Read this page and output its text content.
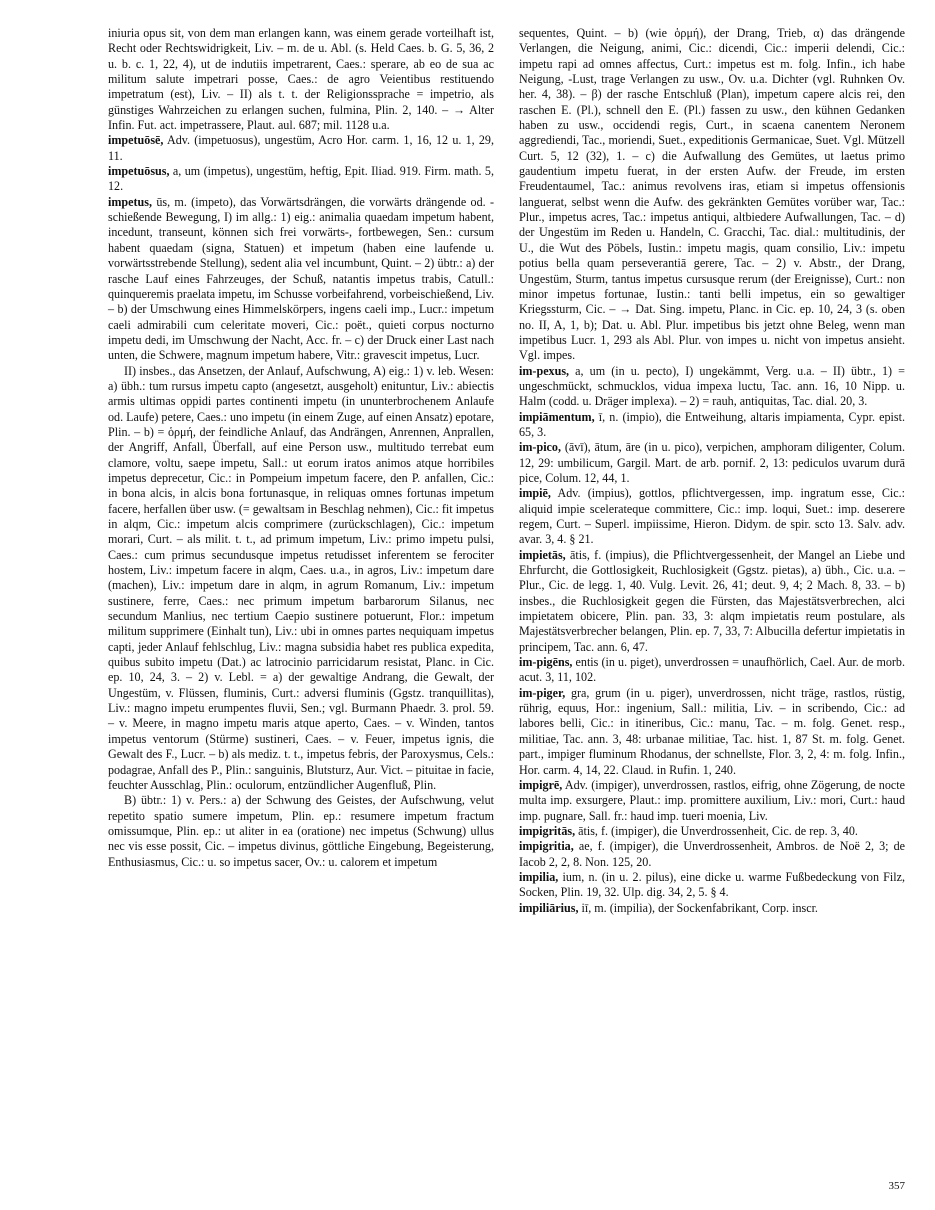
iniuria opus sit, von dem man erlangen kann, was einem gerade vorteilhaft ist, Recht oder Rechtswidrigkeit, Liv. – m. de u. Abl. (s. Held Caes. b. G. 5, 36, 2 u. b. c. 1, 22, 4), ut de indutiis impetrarent, Caes.: sperare, ab eo de sua ac militum salute impetrari posse, Caes.: de agro Veientibus restituendo impetratum (est), Liv. – II) als t. t. der Religionssprache = impetrio, als günstiges Wahrzeichen zu erlangen suchen, fulmina, Plin. 2, 140. – → Alter Infin. Fut. act. impetrassere, Plaut. aul. 687; mil. 1128 u.a.

impetuōsē, Adv. (impetuosus), ungestüm, Acro Hor. carm. 1, 16, 12 u. 1, 29, 11.

impetuōsus, a, um (impetus), ungestüm, heftig, Epit. Iliad. 919. Firm. math. 5, 12.

impetus, ūs, m. (impeto), das Vorwärtsdrängen, die vorwärts drängende od. -schießende Bewegung, I) im allg.: 1) eig.: animalia quaedam impetum habent, incedunt, transeunt, können sich frei vorwärts-, fortbewegen, Sen.: cursum habent quaedam (signa, Statuen) et impetum (haben eine laufende u. vorwärtsstrebende Stellung), sedent alia vel incumbunt, Quint. – 2) übtr.: a) der rasche Lauf eines Fahrzeuges, der Schuß, natantis impetus trabis, Catull.: quinqueremis praelata impetu, im Schusse vorbeifahrend, vorbeischießend, Liv. – b) der Umschwung eines Himmelskörpers, ingens caeli imp., Lucr.: impetum caeli admirabili cum celeritate moveri, Cic.: poët., quieti corpus nocturno impetu dedi, im Umschwung der Nacht, Acc. fr. – c) der Druck einer Last nach unten, die Schwere, magnum impetum habere, Vitr.: gravescit impetus, Lucr.

II) insbes., das Ansetzen, der Anlauf, Aufschwung, A) eig.: 1) v. leb. Wesen: a) übh.: tum rursus impetu capto (angesetzt, ausgeholt) enituntur, Liv.: abiectis armis ultimas oppidi partes continenti impetu (in ununterbrochenem Anlaufe od. Laufe) petere, Caes.: uno impetu (in einem Zuge, auf einen Ansatz) epotare, Plin. – b) = ὁρμή, der feindliche Anlauf, das Andrängen, Anrennen, Anprallen, der Angriff, Anfall, Überfall, auf eine Person usw., multitudo terrebat eum clamore, voltu, saepe impetu, Sall.: ut eorum iratos animos atque horribiles impetus deprecetur, Cic.: in Pompeium impetum facere, den P. anfallen, Cic.: in bona alcis, in alcis bona fortunasque, in reliquas omnes fortunas impetum facere, herfallen über usw. (= gewaltsam in Beschlag nehmen), Cic.: fit impetus in alqm, Cic.: impetum alcis comprimere (zurückschlagen), Cic.: impetum morari, Curt. – als milit. t. t., ad primum impetum, Liv.: primo impetu pulsi, Caes.: cum primus secundusque impetus retudisset inferentem se ferociter hostem, Liv.: impetum facere in alqm, Caes. u.a., in agros, Liv.: impetum dare (machen), Liv.: impetum dare in alqm, in agrum Romanum, Liv.: impetum sustinere, ferre, Caes.: nec primum impetum barbarorum Silanus, nec secundum Manlius, nec tertium Caepio sustinere potuerunt, Flor.: impetum militum supprimere (Einhalt tun), Liv.: ubi in omnes partes nequiquam impetus capti, jeder Anlauf fehlschlug, Liv.: magna subsidia habet res publica expedita, quibus subito impetu (Dat.) ac latrocinio parricidarum resistat, Planc. in Cic. ep. 10, 24, 3. – 2) v. Lebl. = a) der gewaltige Andrang, die Gewalt, der Ungestüm, v. Flüssen, fluminis, Curt.: adversi fluminis (Ggstz. tranquillitas), Liv.: magno impetu erumpentes fluvii, Sen.; vgl. Burmann Phaedr. 3. prol. 59. – v. Meere, in magno impetu maris atque aperto, Caes. – v. Winden, tantos impetus ventorum (Stürme) sustineri, Caes. – v. Feuer, impetus ignis, die Gewalt des F., Lucr. – b) als mediz. t. t., impetus febris, der Paroxysmus, Cels.: podagrae, Anfall des P., Plin.: sanguinis, Blutsturz, Aur. Vict. – pituitae in facie, feuchter Ausschlag, Plin.: oculorum, entzündlicher Augenfluß, Plin.

B) übtr.: 1) v. Pers.: a) der Schwung des Geistes, der Aufschwung, velut repetito spatio sumere impetum, Plin. ep.: resumere impetum fractum omissumque, Plin. ep.: ut aliter in ea (oratione) nec impetus (Schwung) ullus nec vis esse possit, Cic. – impetus divinus, göttliche Eingebung, Begeisterung, Enthusiasmus, Cic.: u. so impetus sacer, Ov.: u. calorem et impetum

sequentes, Quint. – b) (wie ὁρμή), der Drang, Trieb, α) das drängende Verlangen, die Neigung, animi, Cic.: dicendi, Cic.: imperii delendi, Cic.: impetu rapi ad omnes affectus, Curt.: impetus est m. folg. Infin., ich habe Neigung, -Lust, trage Verlangen zu usw., Ov. u.a. Dichter (vgl. Ruhnken Ov. her. 4, 38). – β) der rasche Entschluß (Plan), impetum capere alcis rei, den raschen E. (Pl.), schnell den E. (Pl.) fassen zu usw., den kühnen Gedanken haben zu usw., occidendi regis, Curt., in scaena canentem Neronem aggrediendi, Tac., moriendi, Suet., expeditionis Germanicae, Suet. Vgl. Mützell Curt. 5, 12 (32), 1. – c) die Aufwallung des Gemütes, ut laetus primo gaudentium impetu fuerat, in der ersten Aufw. der Freude, im ersten Freudentaumel, Tac.: animus revolvens iras, etiam si impetus offensionis languerat, selbst wenn die Aufw. des gekränkten Gemütes vorüber war, Tac.: Plur., impetus acres, Tac.: impetus antiqui, altbiedere Aufwallungen, Tac. – d) der Ungestüm im Reden u. Handeln, C. Gracchi, Tac. dial.: multitudinis, der U., die Wut des Pöbels, Iustin.: impetu magis, quam consilio, Liv.: impetu potius bella quam perseverantiā gerere, Tac. – 2) v. Abstr., der Drang, Ungestüm, Sturm, tantus impetus cursusque rerum (der Ereignisse), Curt.: non minor impetus fortunae, Iustin.: tanti belli impetus, ein so gewaltiger Kriegssturm, Cic. – → Dat. Sing. impetu, Planc. in Cic. ep. 10, 24, 3 (s. oben no. II, A, 1, b); Dat. u. Abl. Plur. impetibus bis jetzt ohne Beleg, wenn man impetibus Lucr. 1, 293 als Abl. Plur. von impes u. nicht von impetus ansieht. Vgl. impes.

im-pexus, a, um (in u. pecto), I) ungekämmt, Verg. u.a. – II) übtr., 1) = ungeschmückt, schmucklos, vidua impexa luctu, Tac. ann. 16, 10 Nipp. u. Halm (codd. u. Dräger implexa). – 2) = rauh, antiquitas, Tac. dial. 20, 3.

impiāmentum, ī, n. (impio), die Entweihung, altaris impiamenta, Cypr. epist. 65, 3.

im-pico, (āvī), ātum, āre (in u. pico), verpichen, amphoram diligenter, Colum. 12, 29: umbilicum, Gargil. Mart. de arb. pornif. 2, 13: pediculos uvarum durā pice, Colum. 12, 44, 1.

impiē, Adv. (impius), gottlos, pflichtvergessen, imp. ingratum esse, Cic.: aliquid impie scelerateque committere, Cic.: imp. loqui, Suet.: imp. deserere regem, Curt. – Superl. impiissime, Hieron. Didym. de spir. scto 13. Salv. adv. avar. 3, 4. § 21.

impietās, ātis, f. (impius), die Pflichtvergessenheit, der Mangel an Liebe und Ehrfurcht, die Gottlosigkeit, Ruchlosigkeit (Ggstz. pietas), a) übh., Cic. u.a. – Plur., Cic. de legg. 1, 40. Vulg. Levit. 26, 41; deut. 9, 4; 2 Mach. 8, 33. – b) insbes., die Ruchlosigkeit gegen die Fürsten, das Majestätsverbrechen, alci impietatem obicere, Plin. pan. 33, 3: alqm impietatis reum postulare, als Majestätsverbrecher belangen, Plin. ep. 7, 33, 7: Albucilla defertur impietatis in principem, Tac. ann. 6, 47.

im-pigēns, entis (in u. piget), unverdrossen = unaufhörlich, Cael. Aur. de morb. acut. 3, 11, 102.

im-piger, gra, grum (in u. piger), unverdrossen, nicht träge, rastlos, rüstig, rührig, equus, Hor.: ingenium, Sall.: militia, Liv. – in scribendo, Cic.: ad labores belli, Cic.: in itineribus, Cic.: manu, Tac. – m. folg. Genet. resp., militiae, Tac. ann. 3, 48: urbanae militiae, Tac. hist. 1, 87 St. m. folg. Genet. part., impiger fluminum Rhodanus, der schnellste, Flor. 3, 2, 4: m. folg. Infin., Hor. carm. 4, 14, 22. Claud. in Rufin. 1, 240.

impigrē, Adv. (impiger), unverdrossen, rastlos, eifrig, ohne Zögerung, de nocte multa imp. exsurgere, Plaut.: imp. promittere auxilium, Liv.: mori, Curt.: haud imp. pugnare, Sall. fr.: haud imp. tueri moenia, Liv.

impigritās, ātis, f. (impiger), die Unverdrossenheit, Cic. de rep. 3, 40.

impigritia, ae, f. (impiger), die Unverdrossenheit, Ambros. de Noë 2, 3; de Iacob 2, 2, 8. Non. 125, 20.

impilia, ium, n. (in u. 2. pilus), eine dicke u. warme Fußbedeckung von Filz, Socken, Plin. 19, 32. Ulp. dig. 34, 2, 5. § 4.

impiliārius, iī, m. (impilia), der Sockenfabrikant, Corp. inscr.

357
